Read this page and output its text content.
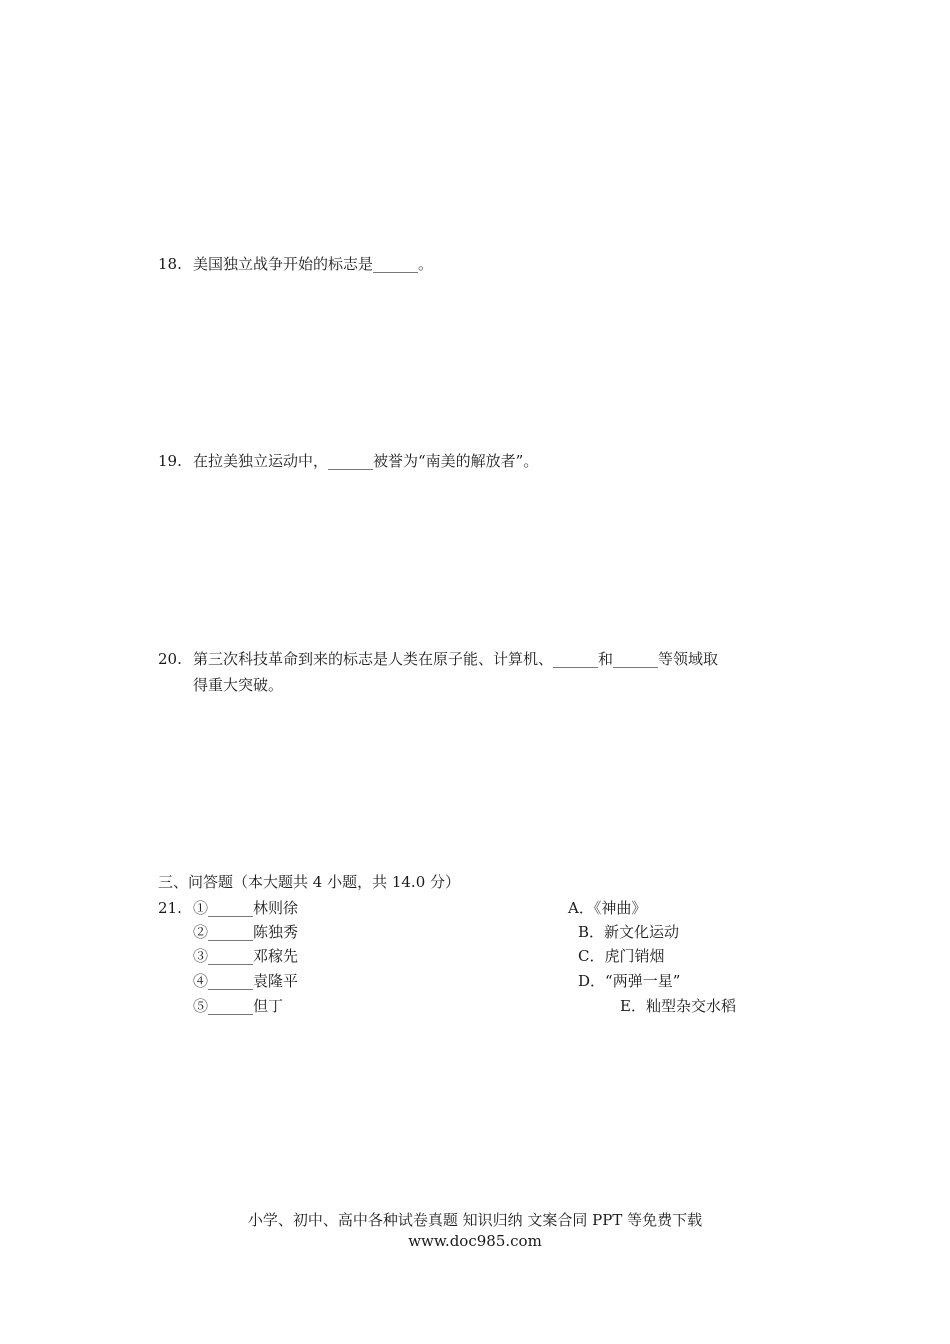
18. 美国独立战争开始的标志是______。
19. 在拉美独立运动中，______被誉为“南美的解放者”。
20. 第三次科技革命到来的标志是人类在原子能、计算机、______和______等领域取
得重大突破。
三、问答题（本大题共 4 小题，共 14.0 分）
21. ①______林则徐
②______陈独秀
③______邓稼先
④______袁隆平
⑤______但丁
A．《神曲》
B．新文化运动
C．虎门销烟
D．“两弹一星”
E．籼型杂交水稻
小学、初中、高中各种试卷真题 知识归纳 文案合同 PPT 等免费下载
www.doc985.com
